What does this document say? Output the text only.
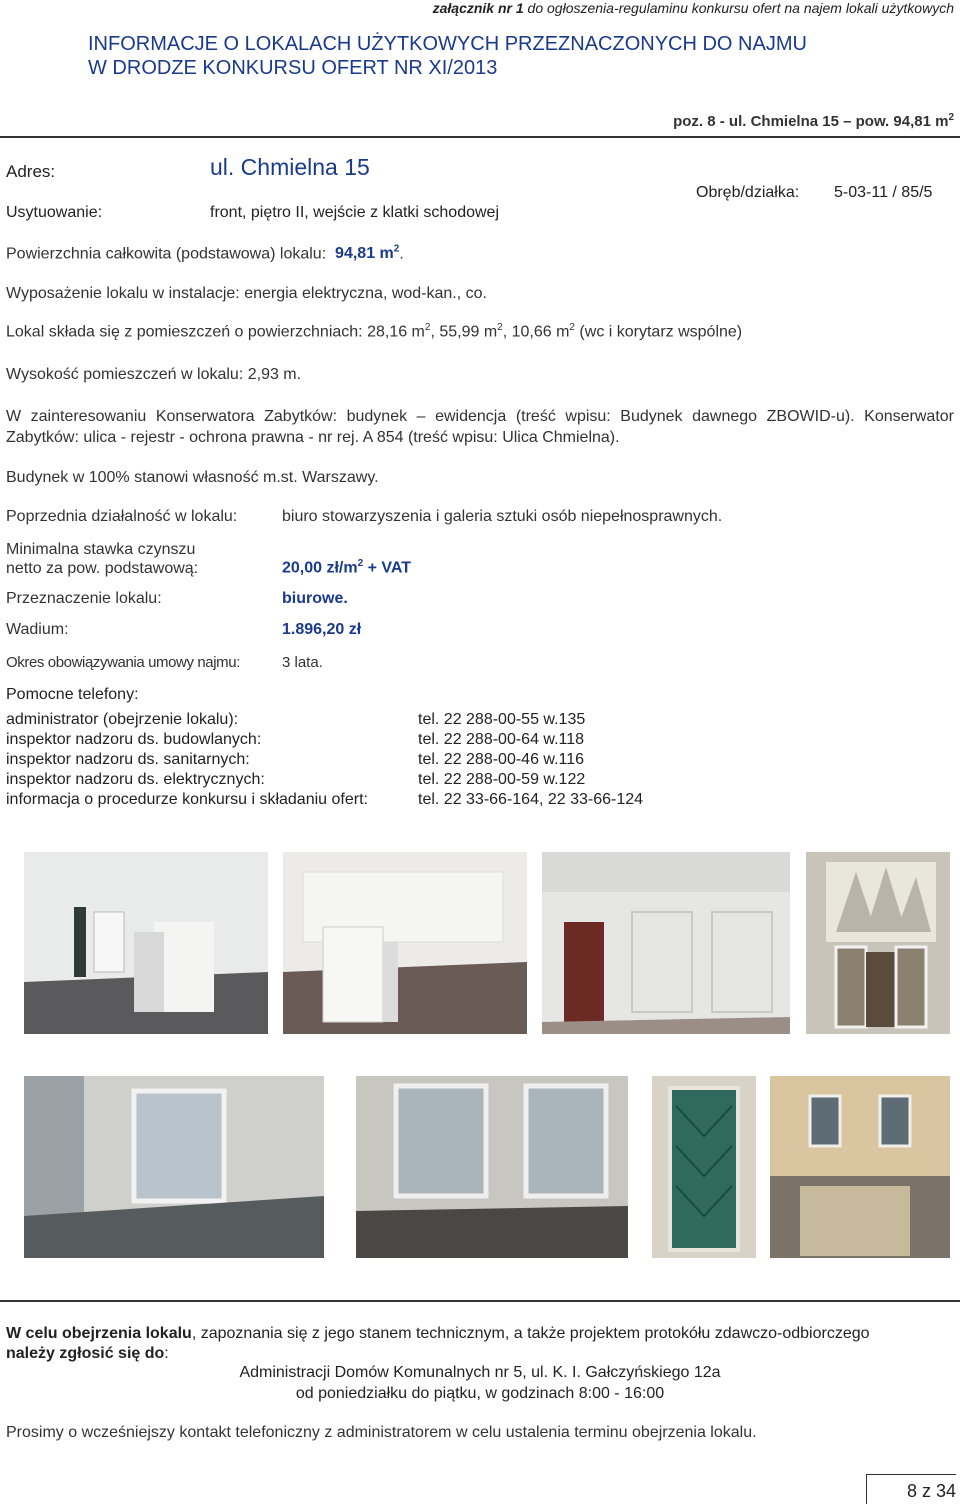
załącznik nr 1 do ogłoszenia-regulaminu konkursu ofert na najem lokali użytkowych
INFORMACJE O LOKALACH UŻYTKOWYCH PRZEZNACZONYCH DO NAJMU
W DRODZE KONKURSU OFERT NR XI/2013
poz. 8 - ul. Chmielna 15 – pow. 94,81 $m^2$
Adres:	ul. Chmielna 15
Usytuowanie:	front, piętro II, wejście z klatki schodowej
Obręb/działka: 5-03-11 / 85/5
Powierzchnia całkowita (podstawowa) lokalu: 94,81 $m^2$.
Wyposażenie lokalu w instalacje: energia elektryczna, wod-kan., co.
Lokal składa się z pomieszczeń o powierzchniach: 28,16 $m^2$, 55,99 $m^2$, 10,66 $m^2$ (wc i korytarz wspólne)
Wysokość pomieszczeń w lokalu: 2,93 m.
W zainteresowaniu Konserwatora Zabytków: budynek – ewidencja (treść wpisu: Budynek dawnego ZBOWID-u). Konserwator Zabytków: ulica - rejestr - ochrona prawna - nr rej. A 854 (treść wpisu: Ulica Chmielna).
Budynek w 100% stanowi własność m.st. Warszawy.
Poprzednia działalność w lokalu:	biuro stowarzyszenia i galeria sztuki osób niepełnosprawnych.
Minimalna stawka czynszu
netto za pow. podstawową:	20,00 $zł/m^2$ + VAT
Przeznaczenie lokalu:	biurowe.
Wadium:	1.896,20 zł
Okres obowiązywania umowy najmu:	3 lata.
Pomocne telefony:
administrator (obejrzenie lokalu):	tel. 22 288-00-55 w.135
inspektor nadzoru ds. budowlanych:	tel. 22 288-00-64 w.118
inspektor nadzoru ds. sanitarnych:	tel. 22 288-00-46 w.116
inspektor nadzoru ds. elektrycznych:	tel. 22 288-00-59 w.122
informacja o procedurze konkursu i składaniu ofert:	tel. 22 33-66-164, 22 33-66-124
W celu obejrzenia lokalu, zapoznania się z jego stanem technicznym, a także projektem protokółu zdawczo-odbiorczego
należy zgłosić się do:
Administracji Domów Komunalnych nr 5, ul. K. I. Gałczyńskiego 12a
od poniedziałku do piątku, w godzinach 8:00 - 16:00
Prosimy o wcześniejszy kontakt telefoniczny z administratorem w celu ustalenia terminu obejrzenia lokalu.
8 z 34
